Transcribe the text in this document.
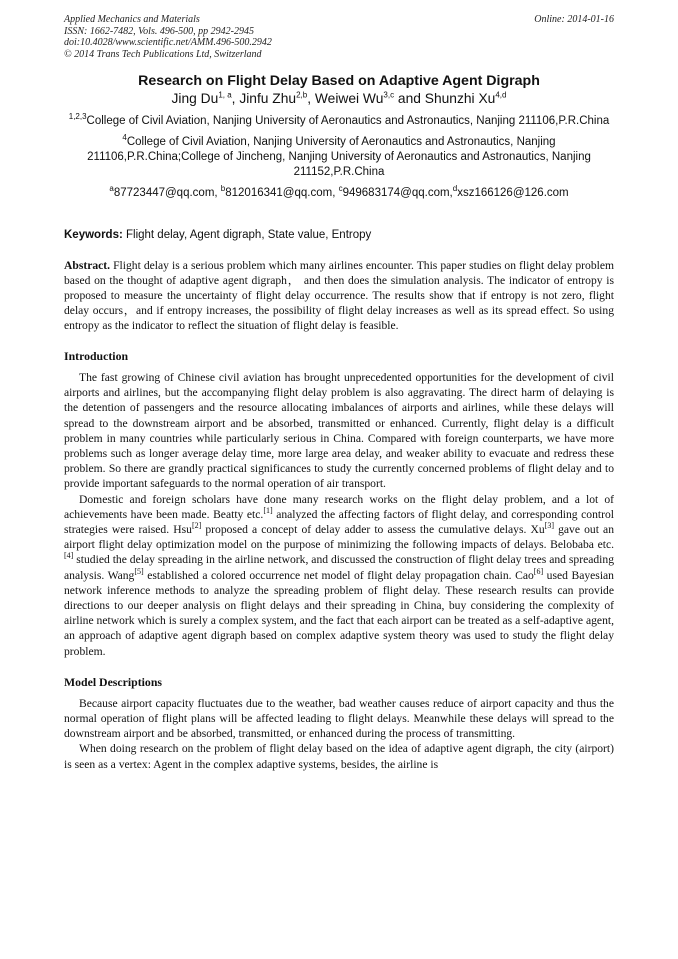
Applied Mechanics and Materials
ISSN: 1662-7482, Vols. 496-500, pp 2942-2945
doi:10.4028/www.scientific.net/AMM.496-500.2942
© 2014 Trans Tech Publications Ltd, Switzerland
Online: 2014-01-16
Research on Flight Delay Based on Adaptive Agent Digraph
Jing Du$^{1, a}$, Jinfu Zhu$^{2,b}$, Weiwei Wu$^{3,c}$ and Shunzhi Xu$^{4,d}$
$^{1,2,3}$College of Civil Aviation, Nanjing University of Aeronautics and Astronautics, Nanjing 211106,P.R.China
$^4$College of Civil Aviation, Nanjing University of Aeronautics and Astronautics, Nanjing 211106,P.R.China;College of Jincheng, Nanjing University of Aeronautics and Astronautics, Nanjing 211152,P.R.China
$^a$87723447@qq.com, $^b$812016341@qq.com, $^c$949683174@qq.com,$^d$xsz166126@126.com
Keywords: Flight delay, Agent digraph, State value, Entropy
Abstract. Flight delay is a serious problem which many airlines encounter. This paper studies on flight delay problem based on the thought of adaptive agent digraph， and then does the simulation analysis. The indicator of entropy is proposed to measure the uncertainty of flight delay occurrence. The results show that if entropy is not zero, flight delay occurs，and if entropy increases, the possibility of flight delay increases as well as its spread effect. So using entropy as the indicator to reflect the situation of flight delay is feasible.
Introduction

The fast growing of Chinese civil aviation has brought unprecedented opportunities for the development of civil airports and airlines, but the accompanying flight delay problem is also aggravating. The direct harm of delaying is the detention of passengers and the resource allocating imbalances of airports and airlines, while these delays will spread to the downstream airport and be absorbed, transmitted or enhanced. Currently, flight delay is a difficult problem in many countries while particularly serious in China. Compared with foreign counterparts, we have more problems such as longer average delay time, more large area delay, and weaker ability to evacuate and redress these problem. So there are grandly practical significances to study the currently concerned problems of flight delay and to provide important safeguards to the normal operation of air transport.

Domestic and foreign scholars have done many research works on the flight delay problem, and a lot of achievements have been made. Beatty etc.[1] analyzed the affecting factors of flight delay, and corresponding control strategies were raised. Hsu[2] proposed a concept of delay adder to assess the cumulative delays. Xu[3] gave out an airport flight delay optimization model on the purpose of minimizing the following impacts of delays. Belobaba etc. [4] studied the delay spreading in the airline network, and discussed the construction of flight delay trees and spreading analysis. Wang[5] established a colored occurrence net model of flight delay propagation chain. Cao[6] used Bayesian network inference methods to analyze the spreading problem of flight delay. These research results can provide directions to our deeper analysis on flight delays and their spreading in China, buy considering the complexity of airline network which is surely a complex system, and the fact that each airport can be treated as a self-adaptive agent, an approach of adaptive agent digraph based on complex adaptive system theory was used to study the flight delay problem.

Model Descriptions

Because airport capacity fluctuates due to the weather, bad weather causes reduce of airport capacity and thus the normal operation of flight plans will be affected leading to flight delays. Meanwhile these delays will spread to the downstream airport and be absorbed, transmitted, or enhanced during the process of transmitting.

When doing research on the problem of flight delay based on the idea of adaptive agent digraph, the city (airport) is seen as a vertex: Agent in the complex adaptive systems, besides, the airline is
